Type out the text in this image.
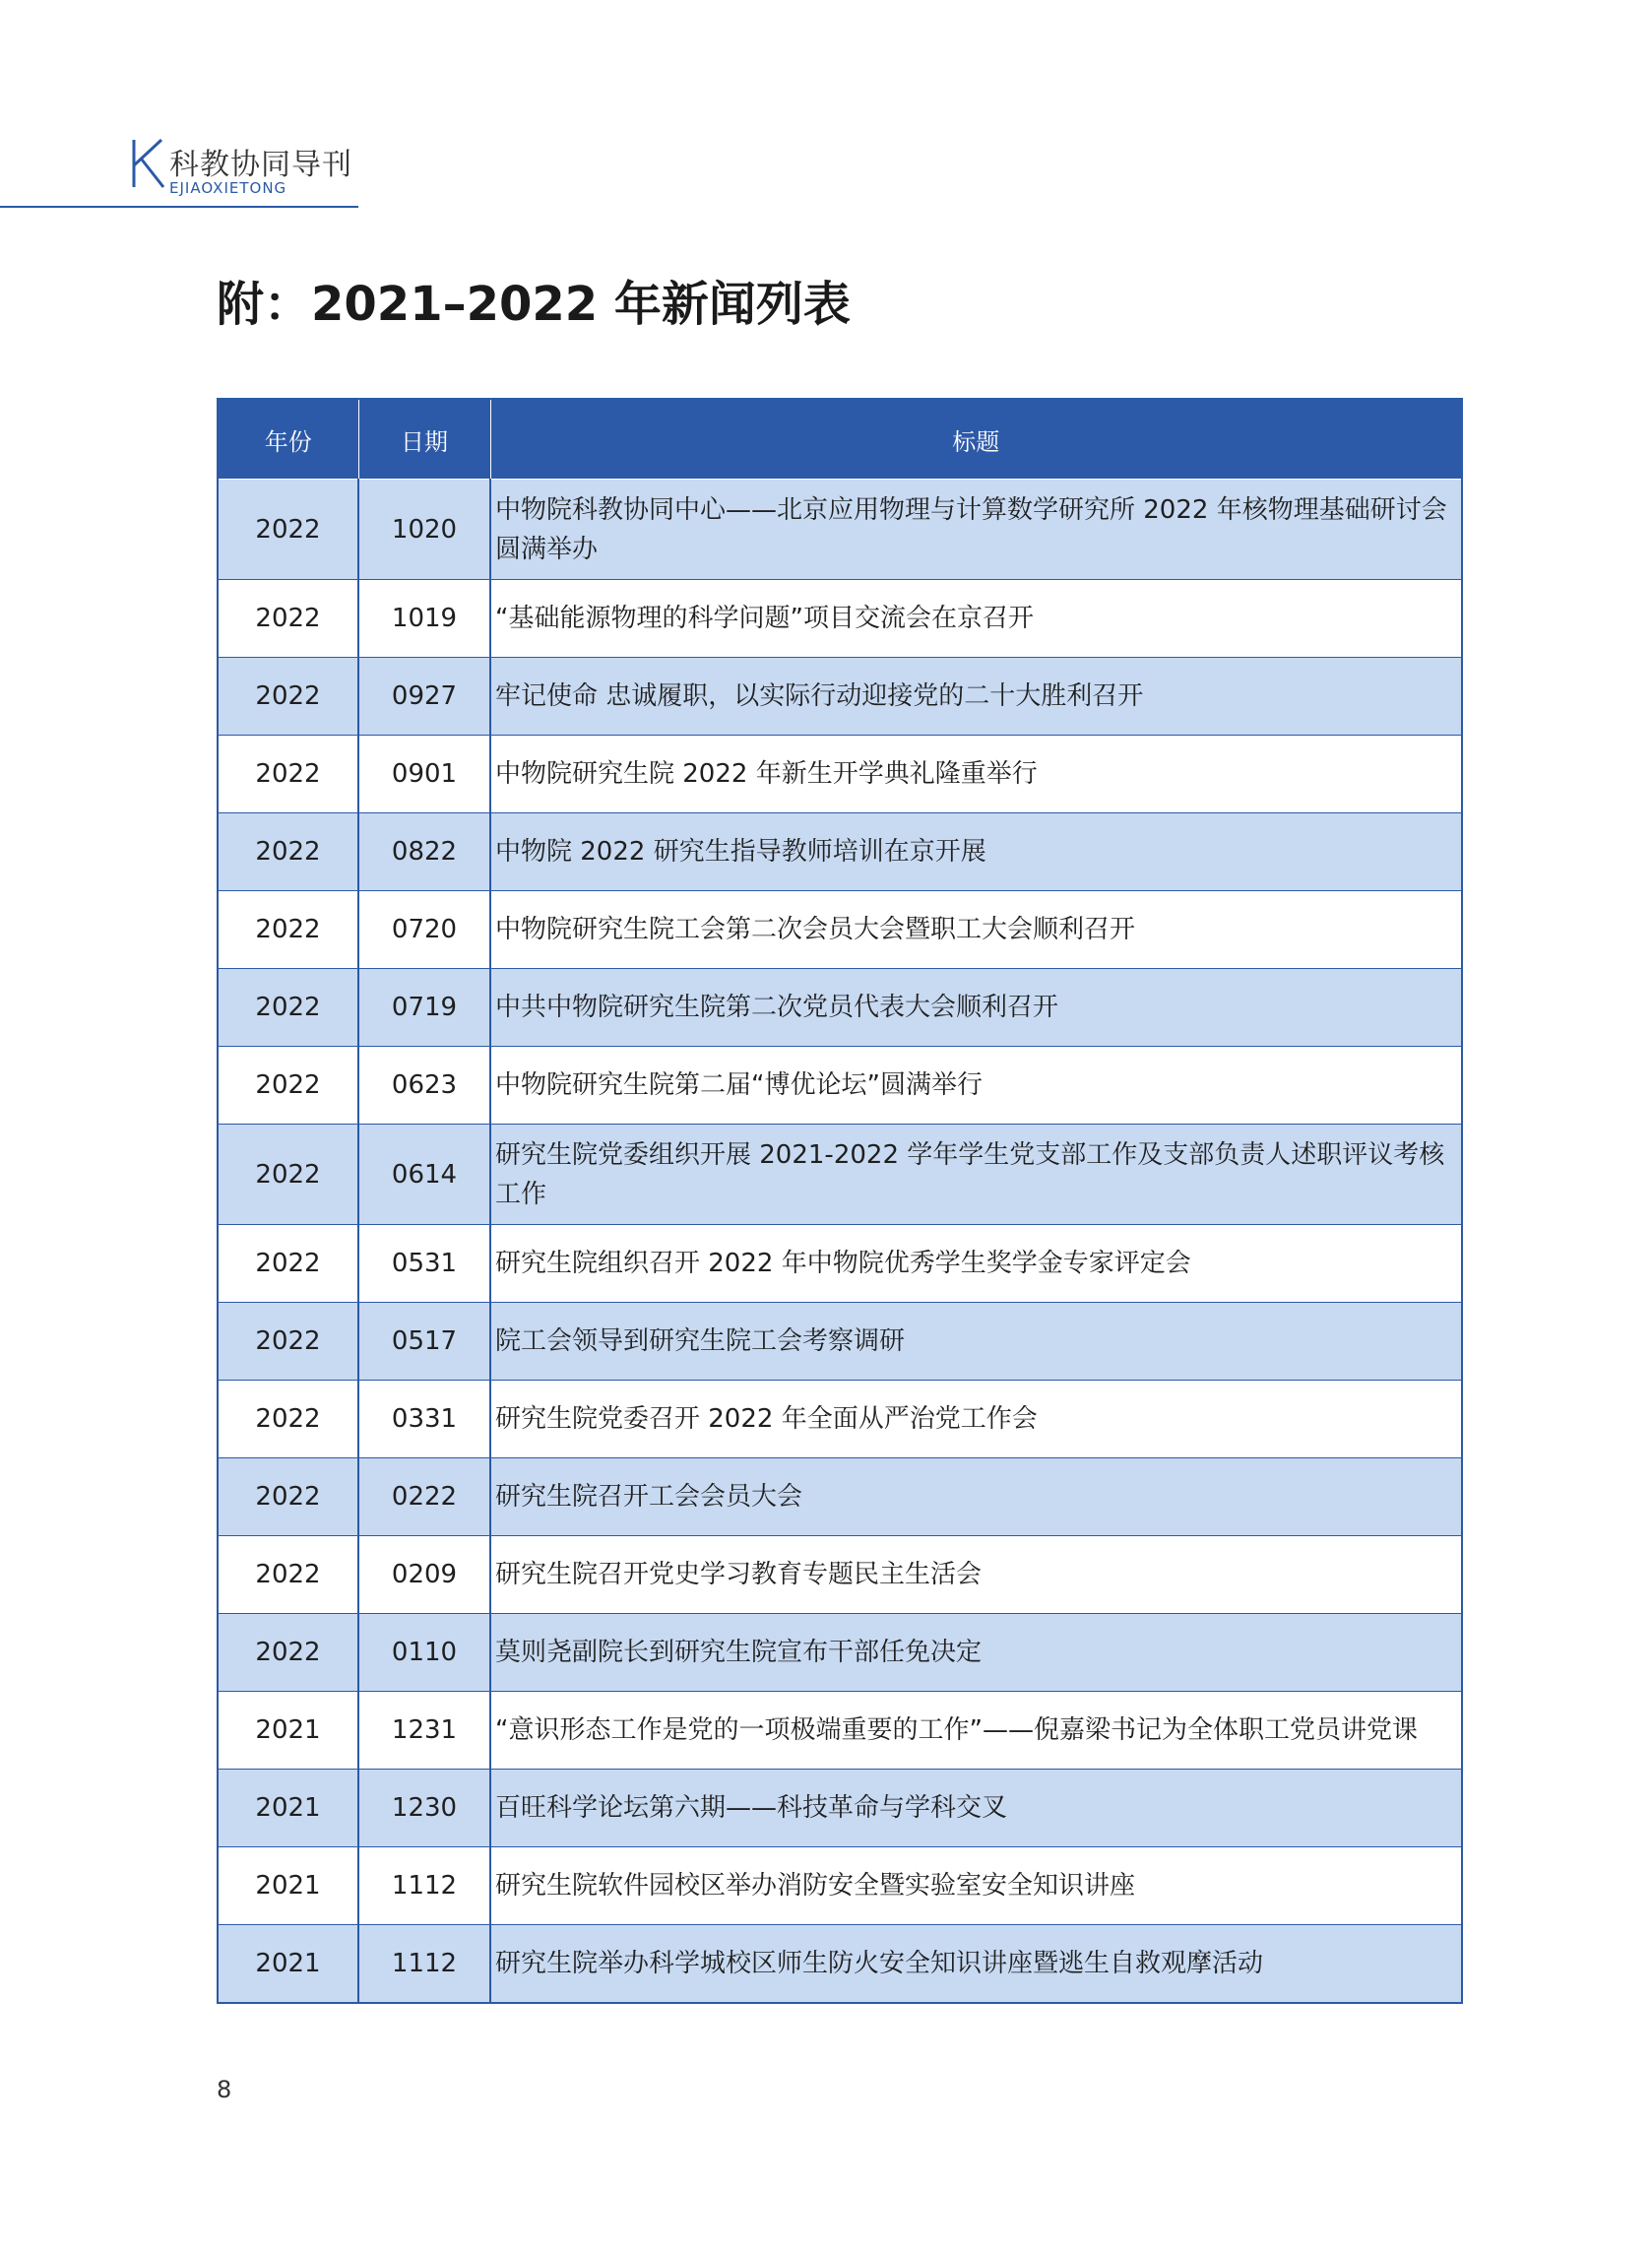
科教协同导刊
EJIAOXIETONG
附：2021–2022 年新闻列表
年份	日期	标题
2022	1020	中物院科教协同中心——北京应用物理与计算数学研究所 2022 年核物理基础研讨会圆满举办
2022	1019	“基础能源物理的科学问题”项目交流会在京召开
2022	0927	牢记使命 忠诚履职，以实际行动迎接党的二十大胜利召开
2022	0901	中物院研究生院 2022 年新生开学典礼隆重举行
2022	0822	中物院 2022 研究生指导教师培训在京开展
2022	0720	中物院研究生院工会第二次会员大会暨职工大会顺利召开
2022	0719	中共中物院研究生院第二次党员代表大会顺利召开
2022	0623	中物院研究生院第二届“博优论坛”圆满举行
2022	0614	研究生院党委组织开展 2021-2022 学年学生党支部工作及支部负责人述职评议考核工作
2022	0531	研究生院组织召开 2022 年中物院优秀学生奖学金专家评定会
2022	0517	院工会领导到研究生院工会考察调研
2022	0331	研究生院党委召开 2022 年全面从严治党工作会
2022	0222	研究生院召开工会会员大会
2022	0209	研究生院召开党史学习教育专题民主生活会
2022	0110	莫则尧副院长到研究生院宣布干部任免决定
2021	1231	“意识形态工作是党的一项极端重要的工作”——倪嘉梁书记为全体职工党员讲党课
2021	1230	百旺科学论坛第六期——科技革命与学科交叉
2021	1112	研究生院软件园校区举办消防安全暨实验室安全知识讲座
2021	1112	研究生院举办科学城校区师生防火安全知识讲座暨逃生自救观摩活动
8
